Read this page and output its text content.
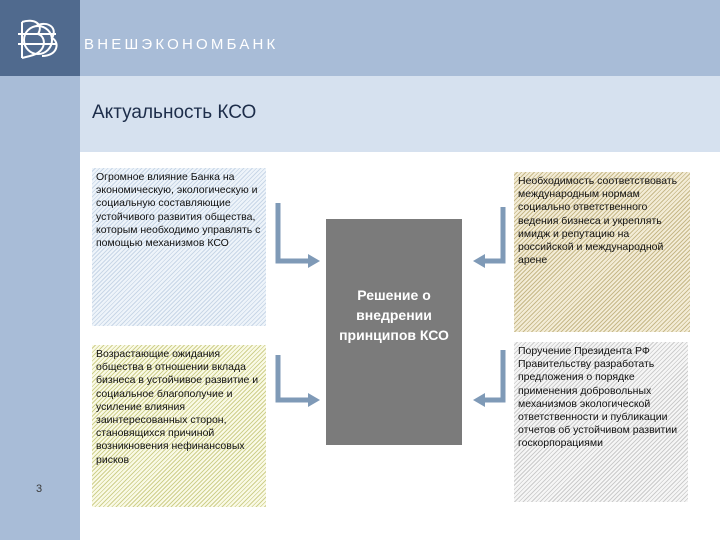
ВНЕШЭКОНОМБАНК
Актуальность КСО
3
Огромное влияние Банка на экономическую, экологическую и социальную составляющие устойчивого развития общества, которым необходимо управлять с помощью механизмов КСО
Возрастающие ожидания общества в отношении вклада бизнеса в устойчивое развитие и социальное благополучие и усиление влияния заинтересованных сторон, становящихся причиной возникновения нефинансовых рисков
Необходимость соответствовать международным нормам социально ответственного ведения бизнеса и укреплять имидж и репутацию на российской и международной арене
Поручение Президента РФ Правительству разработать предложения о порядке применения добровольных механизмов экологической ответственности и публикации отчетов об устойчивом развитии госкорпорациями
Решение о внедрении принципов КСО
